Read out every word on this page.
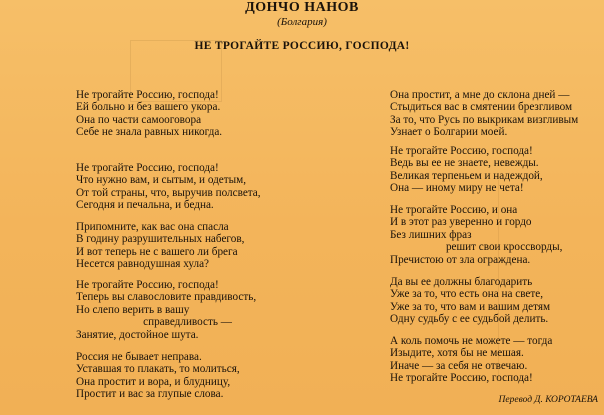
ДОНЧО НАНОВ
(Болгария)
НЕ ТРОГАЙТЕ РОССИЮ, ГОСПОДА!
Не трогайте Россию, господа!
Ей больно и без вашего укора.
Она по части самооговора
Себе не знала равных никогда.
Не трогайте Россию, господа!
Что нужно вам, и сытым, и одетым,
От той страны, что, выручив полсвета,
Сегодня и печальна, и бедна.
Припомните, как вас она спасла
В годину разрушительных набегов,
И вот теперь не с вашего ли брега
Несется равнодушная хула?
Не трогайте Россию, господа!
Теперь вы славословите правдивость,
Но слепо верить в вашу
справедливость —
Занятие, достойное шута.
Россия не бывает неправа.
Уставшая то плакать, то молиться,
Она простит и вора, и блудницу,
Простит и вас за глупые слова.
Она простит, а мне до склона дней —
Стыдиться вас в смятении брезгливом
За то, что Русь по выкрикам визгливым
Узнает о Болгарии моей.
Не трогайте Россию, господа!
Ведь вы ее не знаете, невежды.
Великая терпеньем и надеждой,
Она — иному миру не чета!
Не трогайте Россию, и она
И в этот раз уверенно и гордо
Без лишних фраз
решит свои кроссворды,
Пречистою от зла ограждена.
Да вы ее должны благодарить
Уже за то, что есть она на свете,
Уже за то, что вам и вашим детям
Одну судьбу с ее судьбой делить.
А коль помочь не можете — тогда
Изыдите, хотя бы не мешая.
Иначе — за себя не отвечаю.
Не трогайте Россию, господа!
Перевод Д. КОРОТАЕВА
